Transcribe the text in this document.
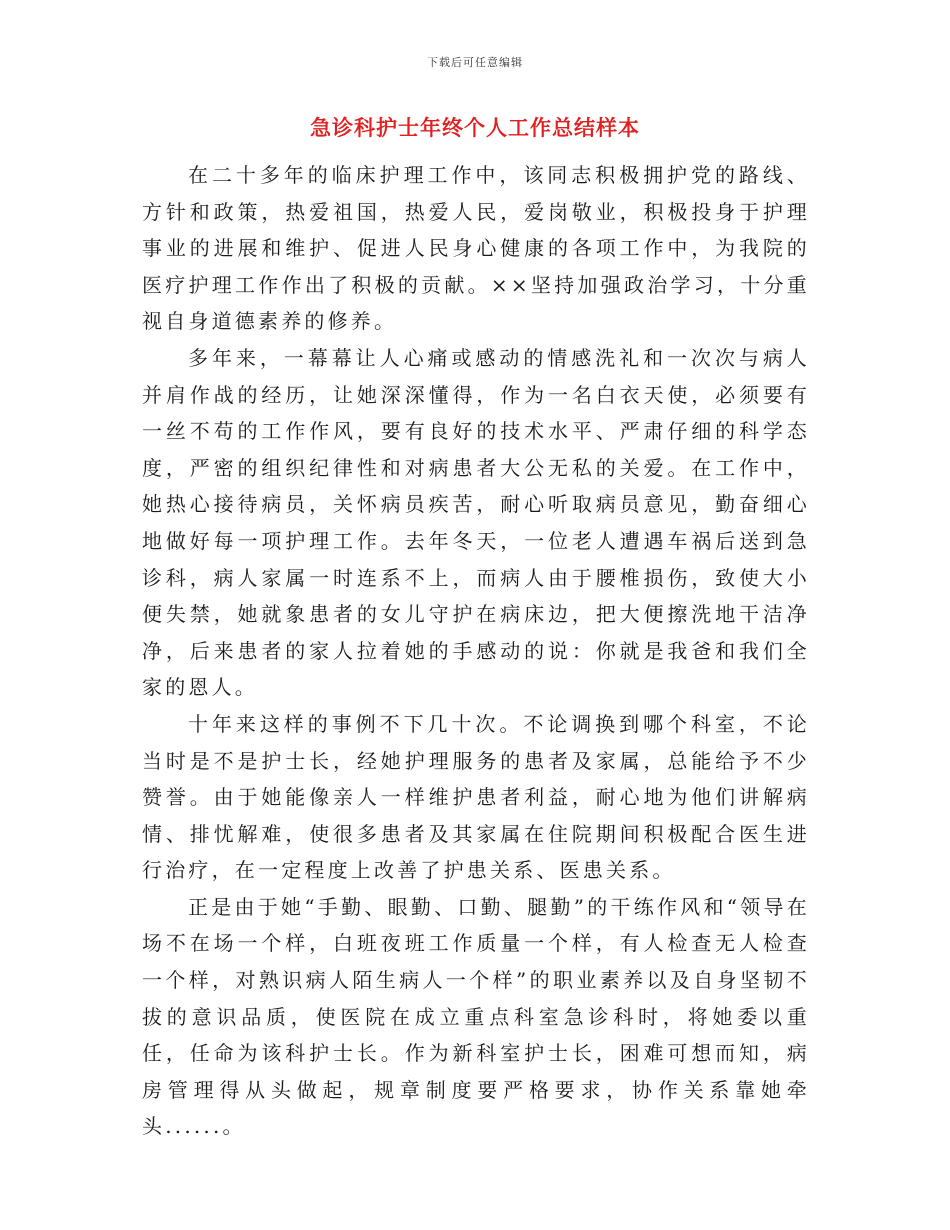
下载后可任意编辑
急诊科护士年终个人工作总结样本

在二十多年的临床护理工作中，该同志积极拥护党的路线、方针和政策，热爱祖国，热爱人民，爱岗敬业，积极投身于护理事业的进展和维护、促进人民身心健康的各项工作中，为我院的医疗护理工作作出了积极的贡献。××坚持加强政治学习，十分重视自身道德素养的修养。

多年来，一幕幕让人心痛或感动的情感洗礼和一次次与病人并肩作战的经历，让她深深懂得，作为一名白衣天使，必须要有一丝不苟的工作作风，要有良好的技术水平、严肃仔细的科学态度，严密的组织纪律性和对病患者大公无私的关爱。在工作中，她热心接待病员，关怀病员疾苦，耐心听取病员意见，勤奋细心地做好每一项护理工作。去年冬天，一位老人遭遇车祸后送到急诊科，病人家属一时连系不上，而病人由于腰椎损伤，致使大小便失禁，她就象患者的女儿守护在病床边，把大便擦洗地干洁净净，后来患者的家人拉着她的手感动的说：你就是我爸和我们全家的恩人。

十年来这样的事例不下几十次。不论调换到哪个科室，不论当时是不是护士长，经她护理服务的患者及家属，总能给予不少赞誉。由于她能像亲人一样维护患者利益，耐心地为他们讲解病情、排忧解难，使很多患者及其家属在住院期间积极配合医生进行治疗，在一定程度上改善了护患关系、医患关系。

正是由于她“手勤、眼勤、口勤、腿勤”的干练作风和“领导在场不在场一个样，白班夜班工作质量一个样，有人检查无人检查一个样，对熟识病人陌生病人一个样”的职业素养以及自身坚韧不拔的意识品质，使医院在成立重点科室急诊科时，将她委以重任，任命为该科护士长。作为新科室护士长，困难可想而知，病房管理得从头做起，规章制度要严格要求，协作关系靠她牵头......。
